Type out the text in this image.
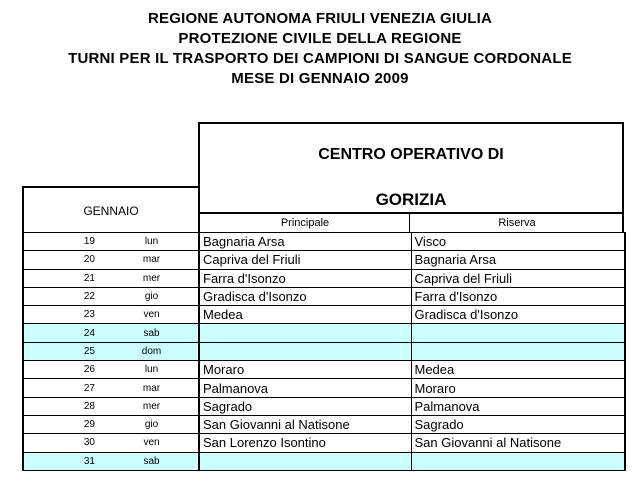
REGIONE AUTONOMA FRIULI VENEZIA GIULIA
PROTEZIONE CIVILE DELLA REGIONE
TURNI PER IL TRASPORTO DEI CAMPIONI DI SANGUE CORDONALE
MESE DI GENNAIO 2009
CENTRO OPERATIVO DI
GORIZIA
GENNAIO
Principale	Riserva
19	lun	Bagnaria Arsa	Visco
20	mar	Capriva del Friuli	Bagnaria Arsa
21	mer	Farra d'Isonzo	Capriva del Friuli
22	gio	Gradisca d'Isonzo	Farra d'Isonzo
23	ven	Medea	Gradisca d'Isonzo
24	sab		
25	dom		
26	lun	Moraro	Medea
27	mar	Palmanova	Moraro
28	mer	Sagrado	Palmanova
29	gio	San Giovanni al Natisone	Sagrado
30	ven	San Lorenzo Isontino	San Giovanni al Natisone
31	sab		
